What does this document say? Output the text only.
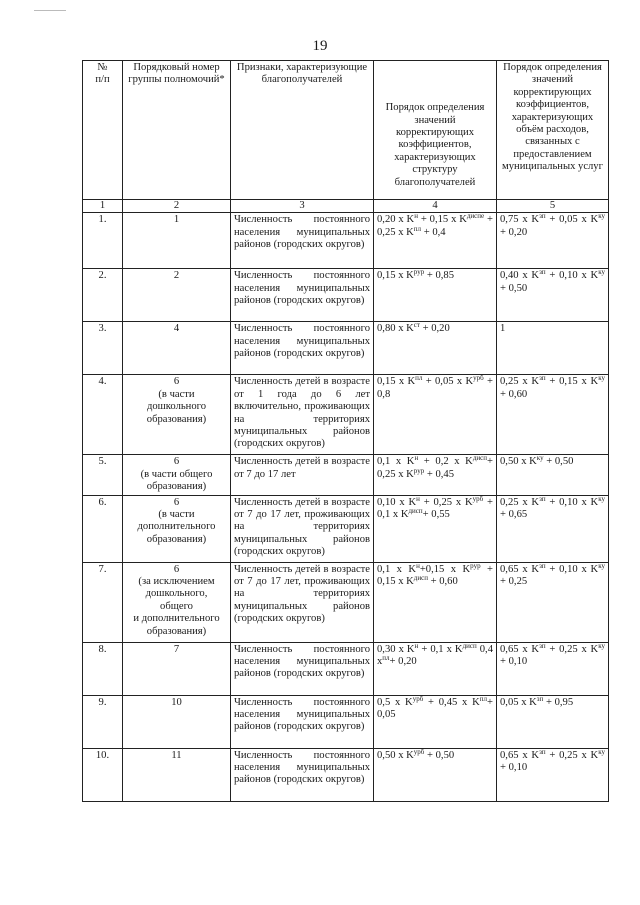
19
№
п/п	Порядковый номер группы полномочий*	Признаки, характеризующие благополучателей	Порядок определения значений корректирующих коэффициентов, характеризующих структуру благополучателей	Порядок определения значений корректирующих коэффициентов, характеризующих объём расходов, связанных с предоставлением муниципальных услуг
1	2	3	4	5
1.	1	Численность постоянного населения муниципальных районов (городских округов)	0,20 x $K^н + 0,15$ x $K^{диспе} + 0,25$ x $K^{пл} + 0,4$	0,75 x $K^{зп} + 0,05$ x $K^{ку} + 0,20$
2.	2	Численность постоянного населения муниципальных районов (городских округов)	0,15 x $K^{рур} + 0,85$	0,40 x $K^{зп} + 0,10$ x $K^{ку} + 0,50$
3.	4	Численность постоянного населения муниципальных районов (городских округов)	0,80 x $K^{ст} + 0,20$	1
4.	6
(в части
дошкольного
образования)	Численность детей в возрасте от 1 года до 6 лет включительно, проживающих на территориях муниципальных районов (городских округов)	0,15 x $K^{пл} + 0,05$ x $K^{урб} + 0,8$	0,25 x $K^{зп} + 0,15$ x $K^{ку} + 0,60$
5.	6
(в части общего
образования)	Численность детей в возрасте от 7 до 17 лет	0,1 x $K^н + 0,2$ x $K^{дисп}+ 0,25$ x $K^{рур} + 0,45$	0,50 x $K^{ку} + 0,50$
6.	6
(в части
дополнительного
образования)	Численность детей в возрасте от 7 до 17 лет, проживающих на территориях муниципальных районов (городских округов)	0,10 x $K^н + 0,25$ x $K^{урб} + 0,1$ x $K^{дисп}+ 0,55$	0,25 x $K^{зп} + 0,10$ x $K^{ку} + 0,65$
7.	6
(за исключением
дошкольного,
общего
и дополнительного образования)	Численность детей в возрасте от 7 до 17 лет, проживающих на территориях муниципальных районов (городских округов)	0,1 x $K^н+0,15$ x $K^{рур} + 0,15$ x $K^{дисп} + 0,60$	0,65 x $K^{зп} + 0,10$ x $K^{ку} + 0,25$
8.	7	Численность постоянного населения муниципальных районов (городских округов)	0,30 x $K^н + 0,1$ x $K^{дисп}$ 0,4 $x^{пл}+ 0,20$	0,65 x $K^{зп} + 0,25$ x $K^{ку} + 0,10$
9.	10	Численность постоянного населения муниципальных районов (городских округов)	0,5 x $K^{урб} + 0,45$ x $K^{пл}+ 0,05$	0,05 x $K^{зп} + 0,95$
10.	11	Численность постоянного населения муниципальных районов (городских округов)	0,50 x $K^{урб} + 0,50$	0,65 x $K^{зп} + 0,25$ x $K^{ку} + 0,10$
